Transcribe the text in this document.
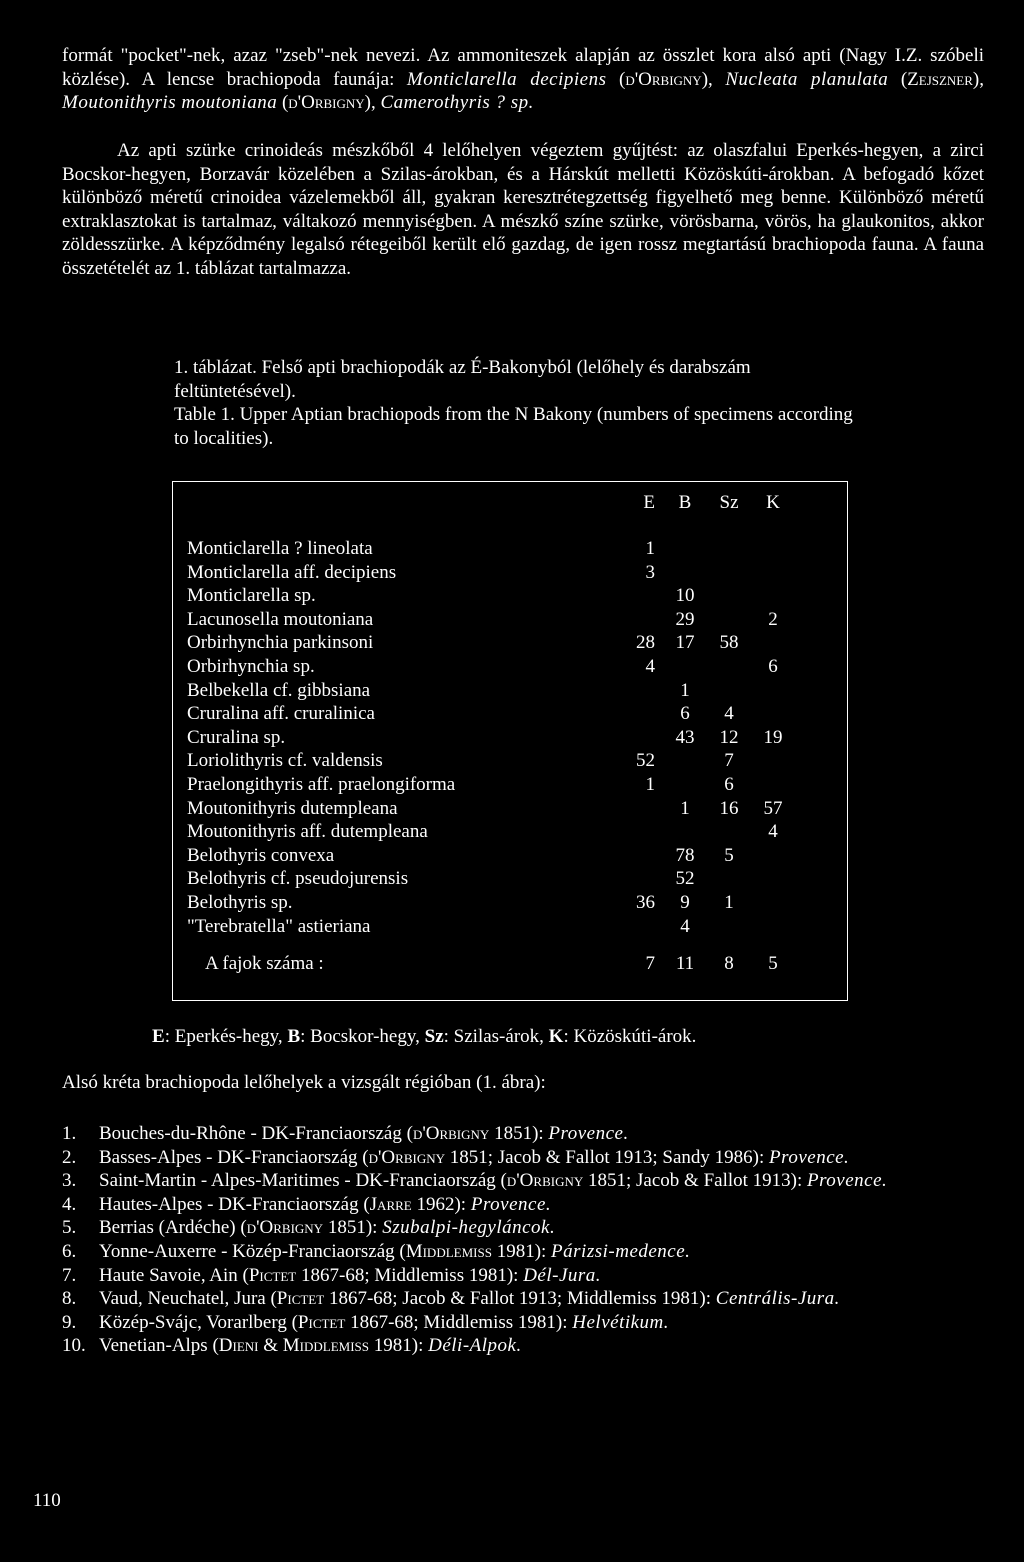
formát "pocket"-nek, azaz "zseb"-nek nevezi. Az ammoniteszek alapján az összlet kora alsó apti (Nagy I.Z. szóbeli közlése). A lencse brachiopoda faunája: Monticlarella decipiens (d'Orbigny), Nucleata planulata (Zejszner), Moutonithyris moutoniana (d'Orbigny), Camerothyris ? sp.

Az apti szürke crinoideás mészkőből 4 lelőhelyen végeztem gyűjtést: az olaszfalui Eperkés-hegyen, a zirci Bocskor-hegyen, Borzavár közelében a Szilas-árokban, és a Hárskút melletti Közöskúti-árokban. A befogadó kőzet különböző méretű crinoidea vázelemekből áll, gyakran keresztrétegzettség figyelhető meg benne. Különböző méretű extraklasztokat is tartalmaz, váltakozó mennyiségben. A mészkő színe szürke, vörösbarna, vörös, ha glaukonitos, akkor zöldesszürke. A képződmény legalsó rétegeiből került elő gazdag, de igen rossz megtartású brachiopoda fauna. A fauna összetételét az 1. táblázat tartalmazza.

1. táblázat. Felső apti brachiopodák az É-Bakonyból (lelőhely és darabszám feltüntetésével).

Table 1. Upper Aptian brachiopods from the N Bakony (numbers of specimens according to localities).

	E	B	Sz	K

Monticlarella ? lineolata	1			
Monticlarella aff. decipiens	3			
Monticlarella sp.		10		
Lacunosella moutoniana		29		2
Orbirhynchia parkinsoni	28	17	58	
Orbirhynchia sp.	4			6
Belbekella cf. gibbsiana		1		
Cruralina aff. cruralinica		6	4	
Cruralina sp.		43	12	19
Loriolithyris cf. valdensis	52		7	
Praelongithyris aff. praelongiforma	1		6	
Moutonithyris dutempleana		1	16	57
Moutonithyris aff. dutempleana				4
Belothyris convexa		78	5	
Belothyris cf. pseudojurensis		52		
Belothyris sp.	36	9	1	
"Terebratella" astieriana		4		
A fajok száma :	7	11	8	5
E: Eperkés-hegy, B: Bocskor-hegy, Sz: Szilas-árok, K: Közöskúti-árok.
Alsó kréta brachiopoda lelőhelyek a vizsgált régióban (1. ábra):
1.	Bouches-du-Rhône - DK-Franciaország (d'Orbigny 1851): Provence.
2.	Basses-Alpes - DK-Franciaország (d'Orbigny 1851; Jacob & Fallot 1913; Sandy 1986): Provence.
3.	Saint-Martin - Alpes-Maritimes - DK-Franciaország (d'Orbigny 1851; Jacob & Fallot 1913): Provence.
4.	Hautes-Alpes - DK-Franciaország (Jarre 1962): Provence.
5.	Berrias (Ardéche) (d'Orbigny 1851): Szubalpi-hegyláncok.
6.	Yonne-Auxerre - Közép-Franciaország (Middlemiss 1981): Párizsi-medence.
7.	Haute Savoie, Ain (Pictet 1867-68; Middlemiss 1981): Dél-Jura.
8.	Vaud, Neuchatel, Jura (Pictet 1867-68; Jacob & Fallot 1913; Middlemiss 1981): Centrális-Jura.
9.	Közép-Svájc, Vorarlberg (Pictet 1867-68; Middlemiss 1981): Helvétikum.
10. Venetian-Alps (Dieni & Middlemiss 1981): Déli-Alpok.
110
